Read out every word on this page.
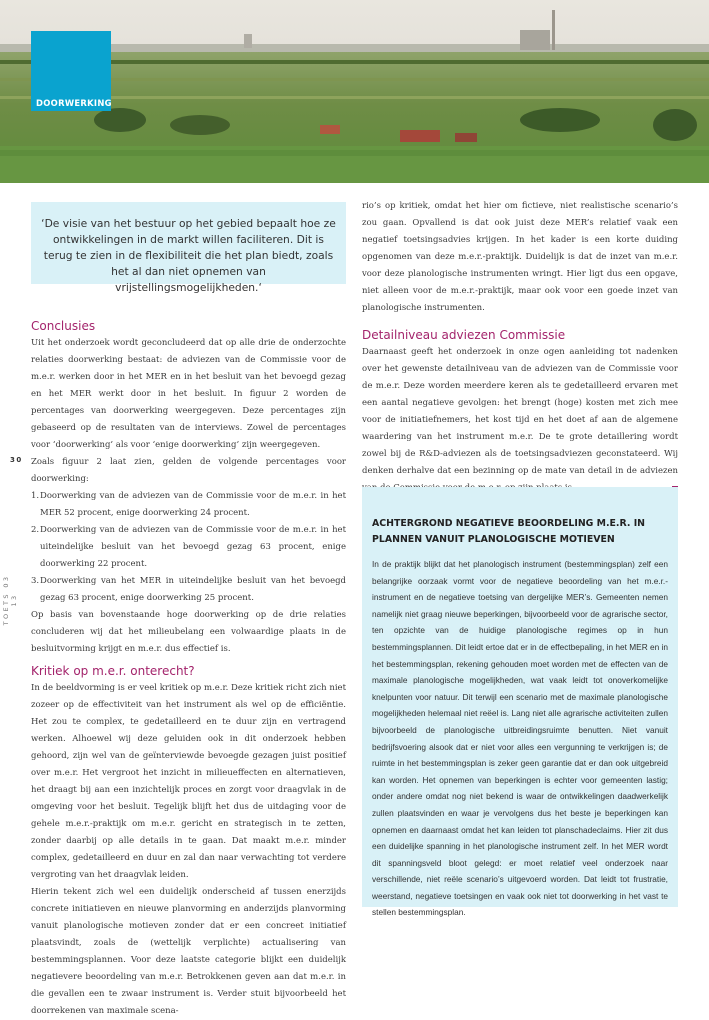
DOORWERKING

‘De visie van het bestuur op het gebied bepaalt hoe ze ontwikkelingen in de markt willen faciliteren. Dit is terug te zien in de flexibiliteit die het plan biedt, zoals het al dan niet opnemen van vrijstellingsmogelijkheden.‘

30
TOETS 03 13
Conclusies

Uit het onderzoek wordt geconcludeerd dat op alle drie de onderzochte relaties doorwerking bestaat: de adviezen van de Commissie voor de m.e.r. werken door in het MER en in het besluit van het bevoegd gezag en het MER werkt door in het besluit. In figuur 2 worden de percentages van doorwerking weergegeven. Deze percentages zijn gebaseerd op de resultaten van de interviews. Zowel de percentages voor ‘doorwerking’ als voor ‘enige doorwerking’ zijn weergegeven.

Zoals figuur 2 laat zien, gelden de volgende percentages voor doorwerking:

1. Doorwerking van de adviezen van de Commissie voor de m.e.r. in het MER 52 procent, enige doorwerking 24 procent.
2. Doorwerking van de adviezen van de Commissie voor de m.e.r. in het uiteindelijke besluit van het bevoegd gezag 63 procent, enige doorwerking 22 procent.
3. Doorwerking van het MER in uiteindelijke besluit van het bevoegd gezag 63 procent, enige doorwerking 25 procent.

Op basis van bovenstaande hoge doorwerking op de drie relaties concluderen wij dat het milieubelang een volwaardige plaats in de besluitvorming krijgt en m.e.r. dus effectief is.

Kritiek op m.e.r. onterecht?

In de beeldvorming is er veel kritiek op m.e.r. Deze kritiek richt zich niet zozeer op de effectiviteit van het instrument als wel op de efficiëntie. Het zou te complex, te gedetailleerd en te duur zijn en vertragend werken. Alhoewel wij deze geluiden ook in dit onderzoek hebben gehoord, zijn wel van de geïnterviewde bevoegde gezagen juist positief over m.e.r. Het vergroot het inzicht in milieueffecten en alternatieven, het draagt bij aan een inzichtelijk proces en zorgt voor draagvlak in de omgeving voor het besluit. Tegelijk blijft het dus de uitdaging voor de gehele m.e.r.-praktijk om m.e.r. gericht en strategisch in te zetten, zonder daarbij op alle details in te gaan. Dat maakt m.e.r. minder complex, gedetailleerd en duur en zal dan naar verwachting tot verdere vergroting van het draagvlak leiden.

Hierin tekent zich wel een duidelijk onderscheid af tussen enerzijds concrete initiatieven en nieuwe planvorming en anderzijds planvorming vanuit planologische motieven zonder dat er een concreet initiatief plaatsvindt, zoals de (wettelijk verplichte) actualisering van bestemmingsplannen. Voor deze laatste categorie blijkt een duidelijk negatievere beoordeling van m.e.r. Betrokkenen geven aan dat m.e.r. in die gevallen een te zwaar instrument is. Verder stuit bijvoorbeeld het doorrekenen van maximale scena-

rio’s op kritiek, omdat het hier om fictieve, niet realistische scenario’s zou gaan. Opvallend is dat ook juist deze MER’s relatief vaak een negatief toetsingsadvies krijgen. In het kader is een korte duiding opgenomen van deze m.e.r.-praktijk. Duidelijk is dat de inzet van m.e.r. voor deze planologische instrumenten wringt. Hier ligt dus een opgave, niet alleen voor de m.e.r.-praktijk, maar ook voor een goede inzet van planologische instrumenten.

Detailniveau adviezen Commissie

Daarnaast geeft het onderzoek in onze ogen aanleiding tot nadenken over het gewenste detailniveau van de adviezen van de Commissie voor de m.e.r. Deze worden meerdere keren als te gedetailleerd ervaren met een aantal negatieve gevolgen: het brengt (hoge) kosten met zich mee voor de initiatiefnemers, het kost tijd en het doet af aan de algemene waardering van het instrument m.e.r. De te grote detaillering wordt zowel bij de R&D-adviezen als de toetsingsadviezen geconstateerd. Wij denken derhalve dat een bezinning op de mate van detail in de adviezen

ACHTERGROND NEGATIEVE BEOORDELING M.E.R. IN PLANNEN VANUIT PLANOLOGISCHE MOTIEVEN
In de praktijk blijkt dat het planologisch instrument (bestemmingsplan) zelf een belangrijke oorzaak vormt voor de negatieve beoordeling van het m.e.r.-instrument en de negatieve toetsing van dergelijke MER’s. Gemeenten nemen namelijk niet graag nieuwe beperkingen, bijvoorbeeld voor de agrarische sector, ten opzichte van de huidige planologische regimes op in hun bestemmingsplannen. Dit leidt ertoe dat er in de effectbepaling, in het MER en in het bestemmingsplan, rekening gehouden moet worden met de effecten van de maximale planologische mogelijkheden, wat vaak leidt tot onoverkomelijke knelpunten voor natuur. Dit terwijl een scenario met de maximale planologische mogelijkheden helemaal niet reëel is. Lang niet alle agrarische activiteiten zullen bijvoorbeeld de planologische uitbreidingsruimte benutten. Niet vanuit bedrijfsvoering alsook dat er niet voor alles een vergunning te verkrijgen is; de ruimte in het bestemmingsplan is zeker geen garantie dat er dan ook uitgebreid kan worden. Het opnemen van beperkingen is echter voor gemeenten lastig; onder andere omdat nog niet bekend is waar de ontwikkelingen daadwerkelijk zullen plaatsvinden en waar je vervolgens dus het beste je beperkingen kan opnemen en daarnaast omdat het kan leiden tot planschadeclaims. Hier zit dus een duidelijke spanning in het planologische instrument zelf. In het MER wordt dit spanningsveld bloot gelegd: er moet relatief veel onderzoek naar verschillende, niet reële scenario’s uitgevoerd worden. Dat leidt tot frustratie, weerstand, negatieve toetsingen en vaak ook niet tot doorwerking in het vast te stellen bestemmingsplan.
